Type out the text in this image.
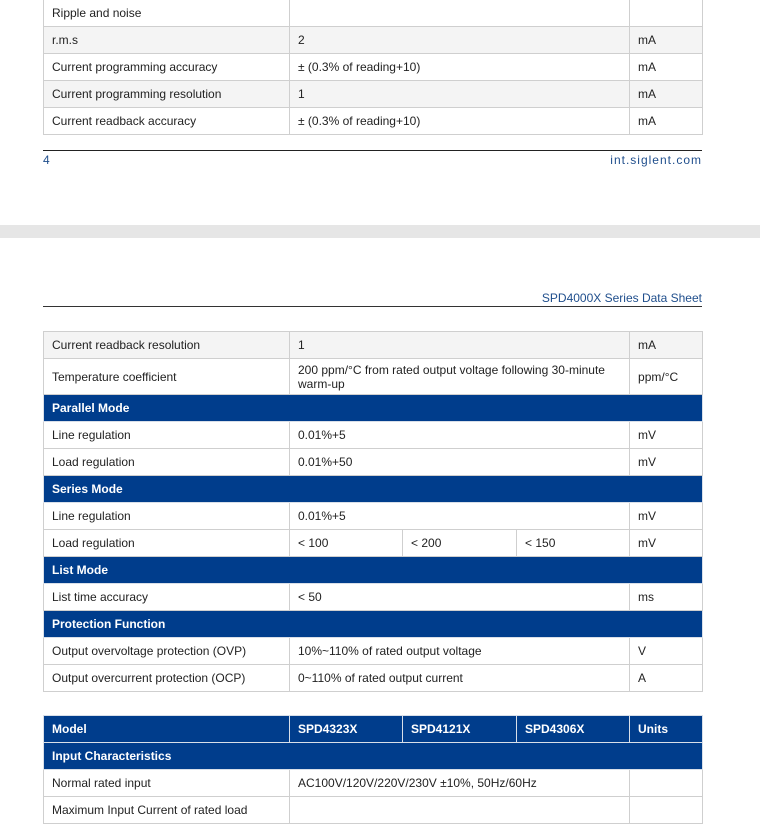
Ripple and noise		
r.m.s	2	mA
Current programming accuracy	± (0.3% of reading+10)	mA
Current programming resolution	1	mA
Current readback accuracy	± (0.3% of reading+10)	mA
4	int.siglent.com
SPD4000X Series Data Sheet
Current readback resolution	1			mA
Temperature coefficient	200 ppm/°C from rated output voltage following 30-minute warm-up			ppm/°C
Parallel Mode				
Line regulation	0.01%+5			mV
Load regulation	0.01%+50			mV
Series Mode				
Line regulation	0.01%+5			mV
Load regulation	< 100	< 200	< 150	mV
List Mode				
List time accuracy	< 50			ms
Protection Function				
Output overvoltage protection (OVP)	10%~110% of rated output voltage			V
Output overcurrent protection (OCP)	0~110% of rated output current			A
Model	SPD4323X	SPD4121X	SPD4306X	Units
Input Characteristics				
Normal rated input	AC100V/120V/220V/230V ±10%, 50Hz/60Hz			
Maximum Input Current of rated load				
